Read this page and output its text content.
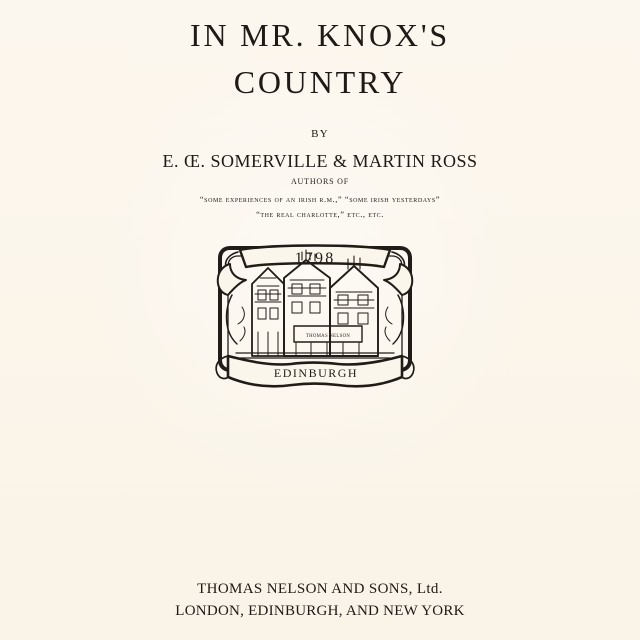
IN MR. KNOX'S
COUNTRY
BY
E. Œ. SOMERVILLE & MARTIN ROSS
AUTHORS OF
“some experiences of an irish r.m.,” “some irish yesterdays”
“the real charlotte,” etc., etc.
1798
THOMAS NELSON
EDINBURGH
THOMAS NELSON AND SONS, Ltd.
LONDON, EDINBURGH, AND NEW YORK
